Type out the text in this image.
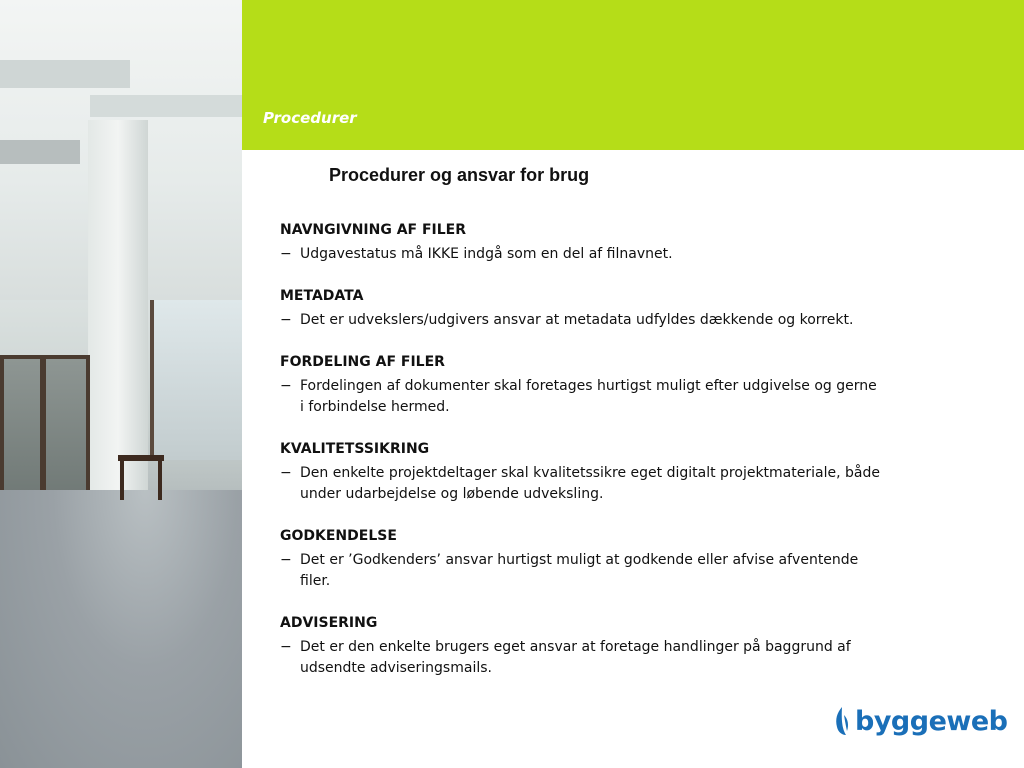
Procedurer
Procedurer og ansvar for brug

NAVNGIVNING AF FILER

− Udgavestatus må IKKE indgå som en del af filnavnet.

METADATA

− Det er udvekslers/udgivers ansvar at metadata udfyldes dækkende og korrekt.

FORDELING AF FILER

− Fordelingen af dokumenter skal foretages hurtigst muligt efter udgivelse og gerne i forbindelse hermed.

KVALITETSSIKRING

− Den enkelte projektdeltager skal kvalitetssikre eget digitalt projektmateriale, både under udarbejdelse og løbende udveksling.

GODKENDELSE

− Det er ’Godkenders’ ansvar hurtigst muligt at godkende eller afvise afventende filer.

ADVISERING

− Det er den enkelte brugers eget ansvar at foretage handlinger på baggrund af udsendte adviseringsmails.
byggeweb
